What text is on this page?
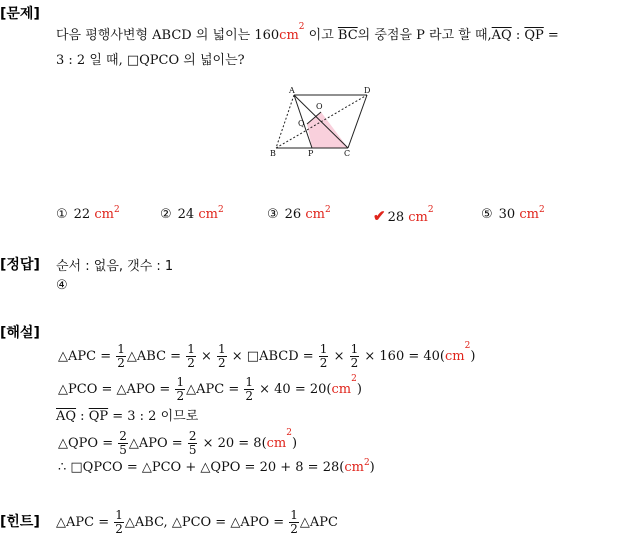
[문제]
[정답]
[해설]
[힌트]
다음 평행사변형 ABCD 의 넓이는 $160cm^2$ 이고 $\overline{BC}$의 중점을 P 라고 할 때$,\overline{AQ}$ : $\overline{QP}$ =
3 : 2 일 때, □QPCO 의 넓이는?
A	D
O
Q
B	P	C
① 22 $cm^2$	② 24 $cm^2$	③ 26 $cm^2$	✔ 28 $cm^2$	⑤ 30 $cm^2$
순서 : 없음, 갯수 : 1
④
△APC = $\frac{1}{2}$ △ABC = $\frac{1}{2} \times \frac{1}{2}$ × □ABCD = $\frac{1}{2} \times \frac{1}{2} \times 160 = 40(cm^2)$
△PCO = △APO = $\frac{1}{2}$ △APC = $\frac{1}{2} \times 40 = 20(cm^2)$
$\overline{AQ}$ : $\overline{QP} = 3$ : 2 이므로
△QPO = $\frac{2}{5}$ △APO = $\frac{2}{5} \times 20 = 8(cm^2)$
∴ □QPCO = △PCO + △QPO = $20 + 8 = 28(cm^2)$
△APC = $\frac{1}{2}$ △ABC, △PCO = △APO = $\frac{1}{2}$ △APC
